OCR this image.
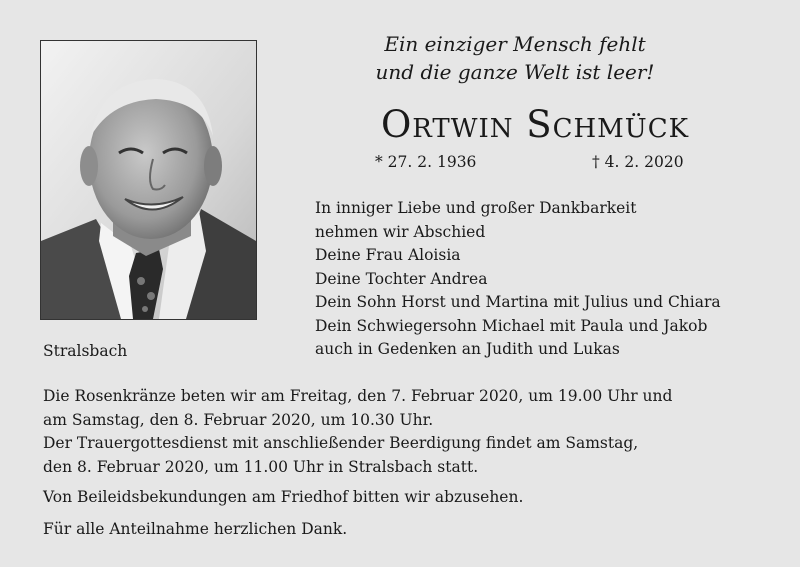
Stralsbach
Ein einziger Mensch fehlt
und die ganze Welt ist leer!
Ortwin Schmück
* 27. 2. 1936	† 4. 2. 2020
In inniger Liebe und großer Dankbarkeit
nehmen wir Abschied
Deine Frau Aloisia
Deine Tochter Andrea
Dein Sohn Horst und Martina mit Julius und Chiara
Dein Schwiegersohn Michael mit Paula und Jakob
auch in Gedenken an Judith und Lukas

Die Rosenkränze beten wir am Freitag, den 7. Februar 2020, um 19.00 Uhr und

am Samstag, den 8. Februar 2020, um 10.30 Uhr.

Der Trauergottesdienst mit anschließender Beerdigung findet am Samstag,

den 8. Februar 2020, um 11.00 Uhr in Stralsbach statt.

Von Beileidsbekundungen am Friedhof bitten wir abzusehen.

Für alle Anteilnahme herzlichen Dank.
